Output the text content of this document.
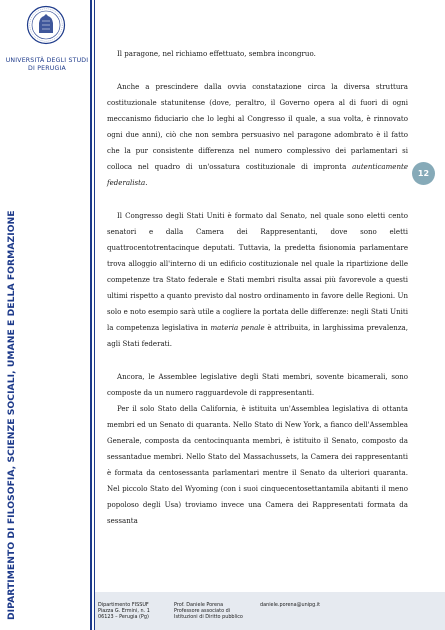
UNIVERSITÀ DEGLI STUDI
DI PERUGIA
DIPARTIMENTO DI FILOSOFIA, SCIENZE SOCIALI, UMANE E DELLA FORMAZIONE
12

Il paragone, nel richiamo effettuato, sembra incongruo.

Anche a prescindere dalla ovvia constatazione circa la diversa struttura costituzionale statunitense (dove, peraltro, il Governo opera al di fuori di ogni meccanismo fiduciario che lo leghi al Congresso il quale, a sua volta, è rinnovato ogni due anni), ciò che non sembra persuasivo nel paragone adombrato è il fatto che la pur consistente differenza nel numero complessivo dei parlamentari si colloca nel quadro di un'ossatura costituzionale di impronta autenticamente federalista.

Il Congresso degli Stati Uniti è formato dal Senato, nel quale sono eletti cento senatori e dalla Camera dei Rappresentanti, dove sono eletti quattrocentotrentacinque deputati. Tuttavia, la predetta fisionomia parlamentare trova alloggio all'interno di un edificio costituzionale nel quale la ripartizione delle competenze tra Stato federale e Stati membri risulta assai più favorevole a questi ultimi rispetto a quanto previsto dal nostro ordinamento in favore delle Regioni. Un solo e noto esempio sarà utile a cogliere la portata delle differenze: negli Stati Uniti la competenza legislativa in materia penale è attribuita, in larghissima prevalenza, agli Stati federati.

Ancora, le Assemblee legislative degli Stati membri, sovente bicamerali, sono composte da un numero ragguardevole di rappresentanti.

Per il solo Stato della California, è istituita un'Assemblea legislativa di ottanta membri ed un Senato di quaranta. Nello Stato di New York, a fianco dell'Assemblea Generale, composta da centocinquanta membri, è istituito il Senato, composto da sessantadue membri. Nello Stato del Massachussets, la Camera dei rappresentanti è formata da centosessanta parlamentari mentre il Senato da ulteriori quaranta. Nel piccolo Stato del Wyoming (con i suoi cinquecentosettantamila abitanti il meno popoloso degli Usa) troviamo invece una Camera dei Rappresentati formata da sessanta

Dipartimento FISSUF
Piazza G. Ermini, n. 1
06123 – Perugia (Pg)
Prof. Daniele Porena
Professore associato di
Istituzioni di Diritto pubblico
daniele.porena@unipg.it
